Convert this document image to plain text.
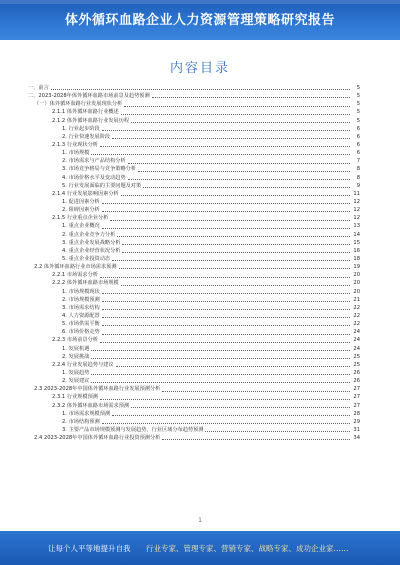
体外循环血路企业人力资源管理策略研究报告
内容目录
一、前言	5
二、2023-2028年体外循环血路市场前景及趋势预测	5
（一）体外循环血路行业发展现状分析	5
2.1.1 体外循环血路行业概述	5
2.1.2 体外循环血路行业发展历程	5
1. 行业起步阶段	6
2. 行业快速发展阶段	6
2.1.3 行业现状分析	6
1. 市场规模	6
2. 市场需求与产品结构分析	7
3. 市场竞争格局与竞争策略分析	8
4. 市场价格水平及变动趋势	8
5. 行业发展面临的主要问题及对策	9
2.1.4 行业发展影响因素分析	11
1. 促进因素分析	12
2. 阻碍因素分析	12
2.1.5 行业重点企业分析	12
1. 重点企业概况	13
2. 重点企业竞争力分析	14
3. 重点企业发展战略分析	15
4. 重点企业经营状况分析	16
5. 重点企业投资动态	18
2.2 体外循环血路行业市场需求预测	19
2.2.1 市场需求分析	20
2.2.2 体外循环血路市场规模	20
1. 市场规模现状	20
2. 市场规模预测	21
3. 市场需求结构	22
4. 人力资源配置	22
5. 市场供需平衡	22
6. 市场价格走势	24
2.2.3 市场前景分析	24
1. 发展机遇	24
2. 发展挑战	25
2.2.4 行业发展趋势与建议	25
1. 发展趋势	26
2. 发展建议	26
2.3 2023-2028年中国体外循环血路行业发展预测分析	27
2.3.1 行业规模预测	27
2.3.2 体外循环血路市场需求预测	27
1. 市场需求规模预测	28
2. 市场结构预测	29
3. 主要产品市场规模预测与发展趋势，行业区域分布趋势预测	31
2.4 2023-2028年中国体外循环血路行业投资预测分析	34
1
让每个人平等地提升自我 行业专家、管理专家、营销专家、战略专家、成功企业家……
